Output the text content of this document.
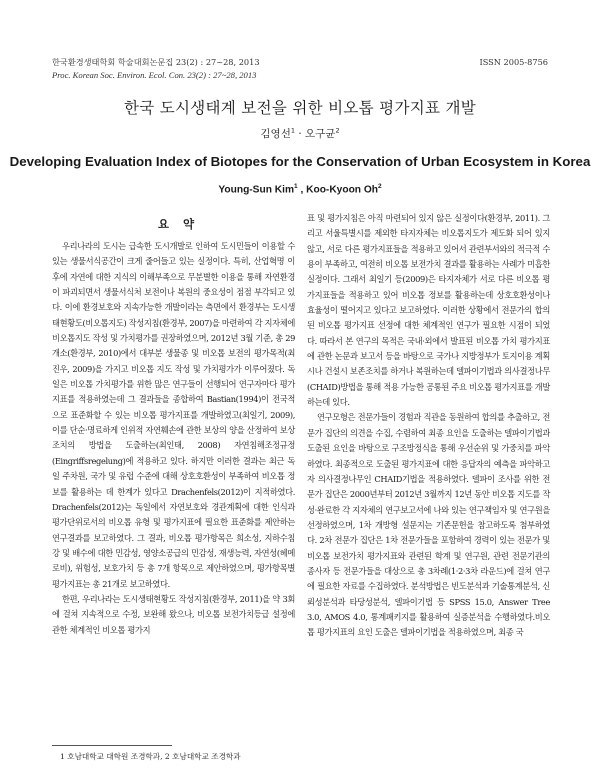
한국환경생태학회 학술대회논문집 23(2) : 27~28, 2013	ISSN 2005-8756
Proc. Korean Soc. Environ. Ecol. Con. 23(2) : 27~28, 2013
한국 도시생태계 보전을 위한 비오톱 평가지표 개발
김영선$^1$ · 오구균$^2$
Developing Evaluation Index of Biotopes for the Conservation of Urban Ecosystem in Korea
Young-Sun Kim$^1$ , Koo-Kyoon Oh$^2$

요 약

우리나라의 도시는 급속한 도시개발로 인하여 도시민들이 이용할 수 있는 생물서식공간이 크게 줄어들고 있는 실정이다. 특히, 산업혁명 이후에 자연에 대한 지식의 이해부족으로 무분별한 이용을 통해 자연환경이 파괴되면서 생물서식처 보전이나 복원의 중요성이 점점 부각되고 있다. 이에 환경보호와 지속가능한 개발이라는 측면에서 환경부는 도시생태현황도(비오톱지도) 작성지침(환경부, 2007)을 마련하여 각 지자체에 비오톱지도 작성 및 가치평가를 권장하였으며, 2012년 3월 기준, 총 29개소(환경부, 2010)에서 대부분 생물종 및 비오톱 보전의 평가목적(최진우, 2009)을 가지고 비오톱 지도 작성 및 가치평가가 이루어졌다. 독일은 비오톱 가치평가를 위한 많은 연구들이 선행되어 연구자마다 평가지표를 적용하였는데 그 결과들을 종합하여 Bastian(1994)이 전국적으로 표준화할 수 있는 비오톱 평가지표를 개발하였고(최일기, 2009), 이를 단순·명료하게 인위적 자연훼손에 관한 보상의 양을 산정하여 보상조치의 방법을 도출하는(최인태, 2008) 자연침해조정규정(Eingriffsregelung)에 적용하고 있다. 하지만 이러한 결과는 최근 독일 주차원, 국가 및 유럽 수준에 대해 상호호환성이 부족하여 비오톱 정보를 활용하는 데 한계가 있다고 Drachenfels(2012)이 지적하였다. Drachenfels(2012)는 독일에서 자연보호와 경관계획에 대한 인식과 평가단위로서의 비오톱 유형 및 평가지표에 필요한 표준화를 제안하는 연구결과를 보고하였다. 그 결과, 비오톱 평가항목은 희소성, 지하수침강 및 배수에 대한 민감성, 영양소공급의 민감성, 재생능력, 자연성(헤메로비), 위험성, 보호가치 등 총 7개 항목으로 제안하였으며, 평가항목별 평가지표는 총 21개로 보고하였다.

한편, 우리나라는 도시생태현황도 작성지침(환경부, 2011)을 약 3회에 걸쳐 지속적으로 수정, 보완해 왔으나, 비오톱 보전가치등급 설정에 관한 체계적인 비오톱 평가지

표 및 평가지침은 아직 마련되어 있지 않은 실정이다(환경부, 2011). 그리고 서울특별시를 제외한 타지자체는 비오톱지도가 제도화 되어 있지 않고, 서로 다른 평가지표들을 적용하고 있어서 관련부서와의 적극적 수용이 부족하고, 여전히 비오톱 보전가치 결과를 활용하는 사례가 미흡한 실정이다. 그래서 최일기 등(2009)은 타지자체가 서로 다른 비오톱 평가지표들을 적용하고 있어 비오톱 정보를 활용하는데 상호호환성이나 효율성이 떨어지고 있다고 보고하였다. 이러한 상황에서 전문가의 합의된 비오톱 평가지표 선정에 대한 체계적인 연구가 필요한 시점이 되었다. 따라서 본 연구의 목적은 국내·외에서 발표된 비오톱 가치 평가지표에 관한 논문과 보고서 등을 바탕으로 국가나 지방정부가 토지이용 계획시나 건설시 보존조치를 하거나 복원하는데 델파이기법과 의사결정나무(CHAID)방법을 통해 적용 가능한 공통된 주요 비오톱 평가지표를 개발하는데 있다.

연구모형은 전문가들이 경험과 직관을 동원하여 합의를 추출하고, 전문가 집단의 의견을 수집, 수렴하여 최종 요인을 도출하는 델파이기법과 도출된 요인을 바탕으로 구조방정식을 통해 우선순위 및 가중치를 파악하였다. 최종적으로 도출된 평가지표에 대한 응답자의 예측을 파악하고자 의사결정나무인 CHAID기법을 적용하였다. 델파이 조사를 위한 전문가 집단은 2000년부터 2012년 3월까지 12년 동안 비오톱 지도를 작성·완료한 각 지자체의 연구보고서에 나와 있는 연구책임자 및 연구원을 선정하였으며, 1차 개방형 설문지는 기존문헌을 참고하도록 첨부하였다. 2차 전문가 집단은 1차 전문가들을 포함하여 경력이 있는 전문가 및 비오톱 보전가치 평가지표와 관련된 학계 및 연구원, 관련 전문기관의 종사자 등 전문가들을 대상으로 총 3차례(1·2·3차 라운드)에 걸쳐 연구에 필요한 자료를 수집하였다. 분석방법은 빈도분석과 기술통계분석, 신뢰성분석과 타당성분석, 델파이기법 등 SPSS 15.0, Answer Tree 3.0, AMOS 4.0, 통계패키지를 활용하여 실증분석을 수행하였다.비오톱 평가지표의 요인 도출은 델파이기법을 적용하였으며, 최종 국

1 호남대학교 대학원 조경학과, 2 호남대학교 조경학과
